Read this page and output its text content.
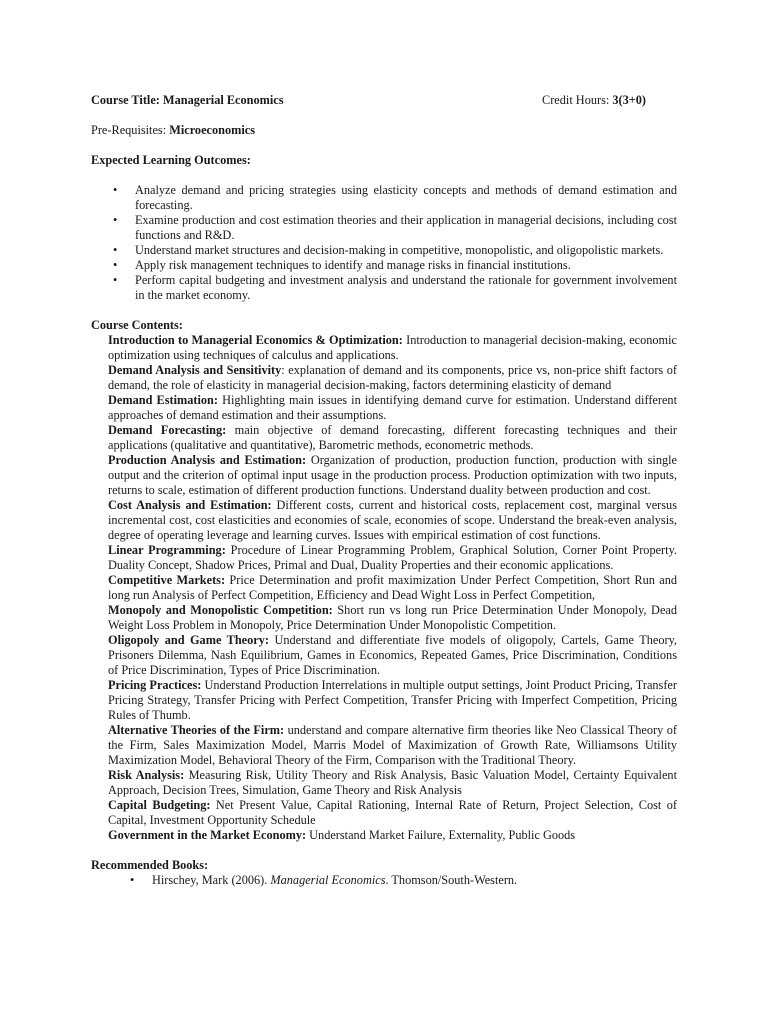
Course Title: Managerial Economics	Credit Hours: 3(3+0)
Pre-Requisites: Microeconomics
Expected Learning Outcomes:
• Analyze demand and pricing strategies using elasticity concepts and methods of demand estimation and forecasting.
• Examine production and cost estimation theories and their application in managerial decisions, including cost functions and R&D.
• Understand market structures and decision-making in competitive, monopolistic, and oligopolistic markets.
• Apply risk management techniques to identify and manage risks in financial institutions.
• Perform capital budgeting and investment analysis and understand the rationale for government involvement in the market economy.
Course Contents:

Introduction to Managerial Economics & Optimization: Introduction to managerial decision-making, economic optimization using techniques of calculus and applications.

Demand Analysis and Sensitivity: explanation of demand and its components, price vs, non-price shift factors of demand, the role of elasticity in managerial decision-making, factors determining elasticity of demand

Demand Estimation: Highlighting main issues in identifying demand curve for estimation. Understand different approaches of demand estimation and their assumptions.

Demand Forecasting: main objective of demand forecasting, different forecasting techniques and their applications (qualitative and quantitative), Barometric methods, econometric methods.

Production Analysis and Estimation: Organization of production, production function, production with single output and the criterion of optimal input usage in the production process. Production optimization with two inputs, returns to scale, estimation of different production functions. Understand duality between production and cost.

Cost Analysis and Estimation: Different costs, current and historical costs, replacement cost, marginal versus incremental cost, cost elasticities and economies of scale, economies of scope. Understand the break-even analysis, degree of operating leverage and learning curves. Issues with empirical estimation of cost functions.

Linear Programming: Procedure of Linear Programming Problem, Graphical Solution, Corner Point Property. Duality Concept, Shadow Prices, Primal and Dual, Duality Properties and their economic applications.

Competitive Markets: Price Determination and profit maximization Under Perfect Competition, Short Run and long run Analysis of Perfect Competition, Efficiency and Dead Wight Loss in Perfect Competition,

Monopoly and Monopolistic Competition: Short run vs long run Price Determination Under Monopoly, Dead Weight Loss Problem in Monopoly, Price Determination Under Monopolistic Competition.

Oligopoly and Game Theory: Understand and differentiate five models of oligopoly, Cartels, Game Theory, Prisoners Dilemma, Nash Equilibrium, Games in Economics, Repeated Games, Price Discrimination, Conditions of Price Discrimination, Types of Price Discrimination.

Pricing Practices: Understand Production Interrelations in multiple output settings, Joint Product Pricing, Transfer Pricing Strategy, Transfer Pricing with Perfect Competition, Transfer Pricing with Imperfect Competition, Pricing Rules of Thumb.

Alternative Theories of the Firm: understand and compare alternative firm theories like Neo Classical Theory of the Firm, Sales Maximization Model, Marris Model of Maximization of Growth Rate, Williamsons Utility Maximization Model, Behavioral Theory of the Firm, Comparison with the Traditional Theory.

Risk Analysis: Measuring Risk, Utility Theory and Risk Analysis, Basic Valuation Model, Certainty Equivalent Approach, Decision Trees, Simulation, Game Theory and Risk Analysis

Capital Budgeting: Net Present Value, Capital Rationing, Internal Rate of Return, Project Selection, Cost of Capital, Investment Opportunity Schedule

Government in the Market Economy: Understand Market Failure, Externality, Public Goods

Recommended Books:
• Hirschey, Mark (2006). Managerial Economics. Thomson/South-Western.
